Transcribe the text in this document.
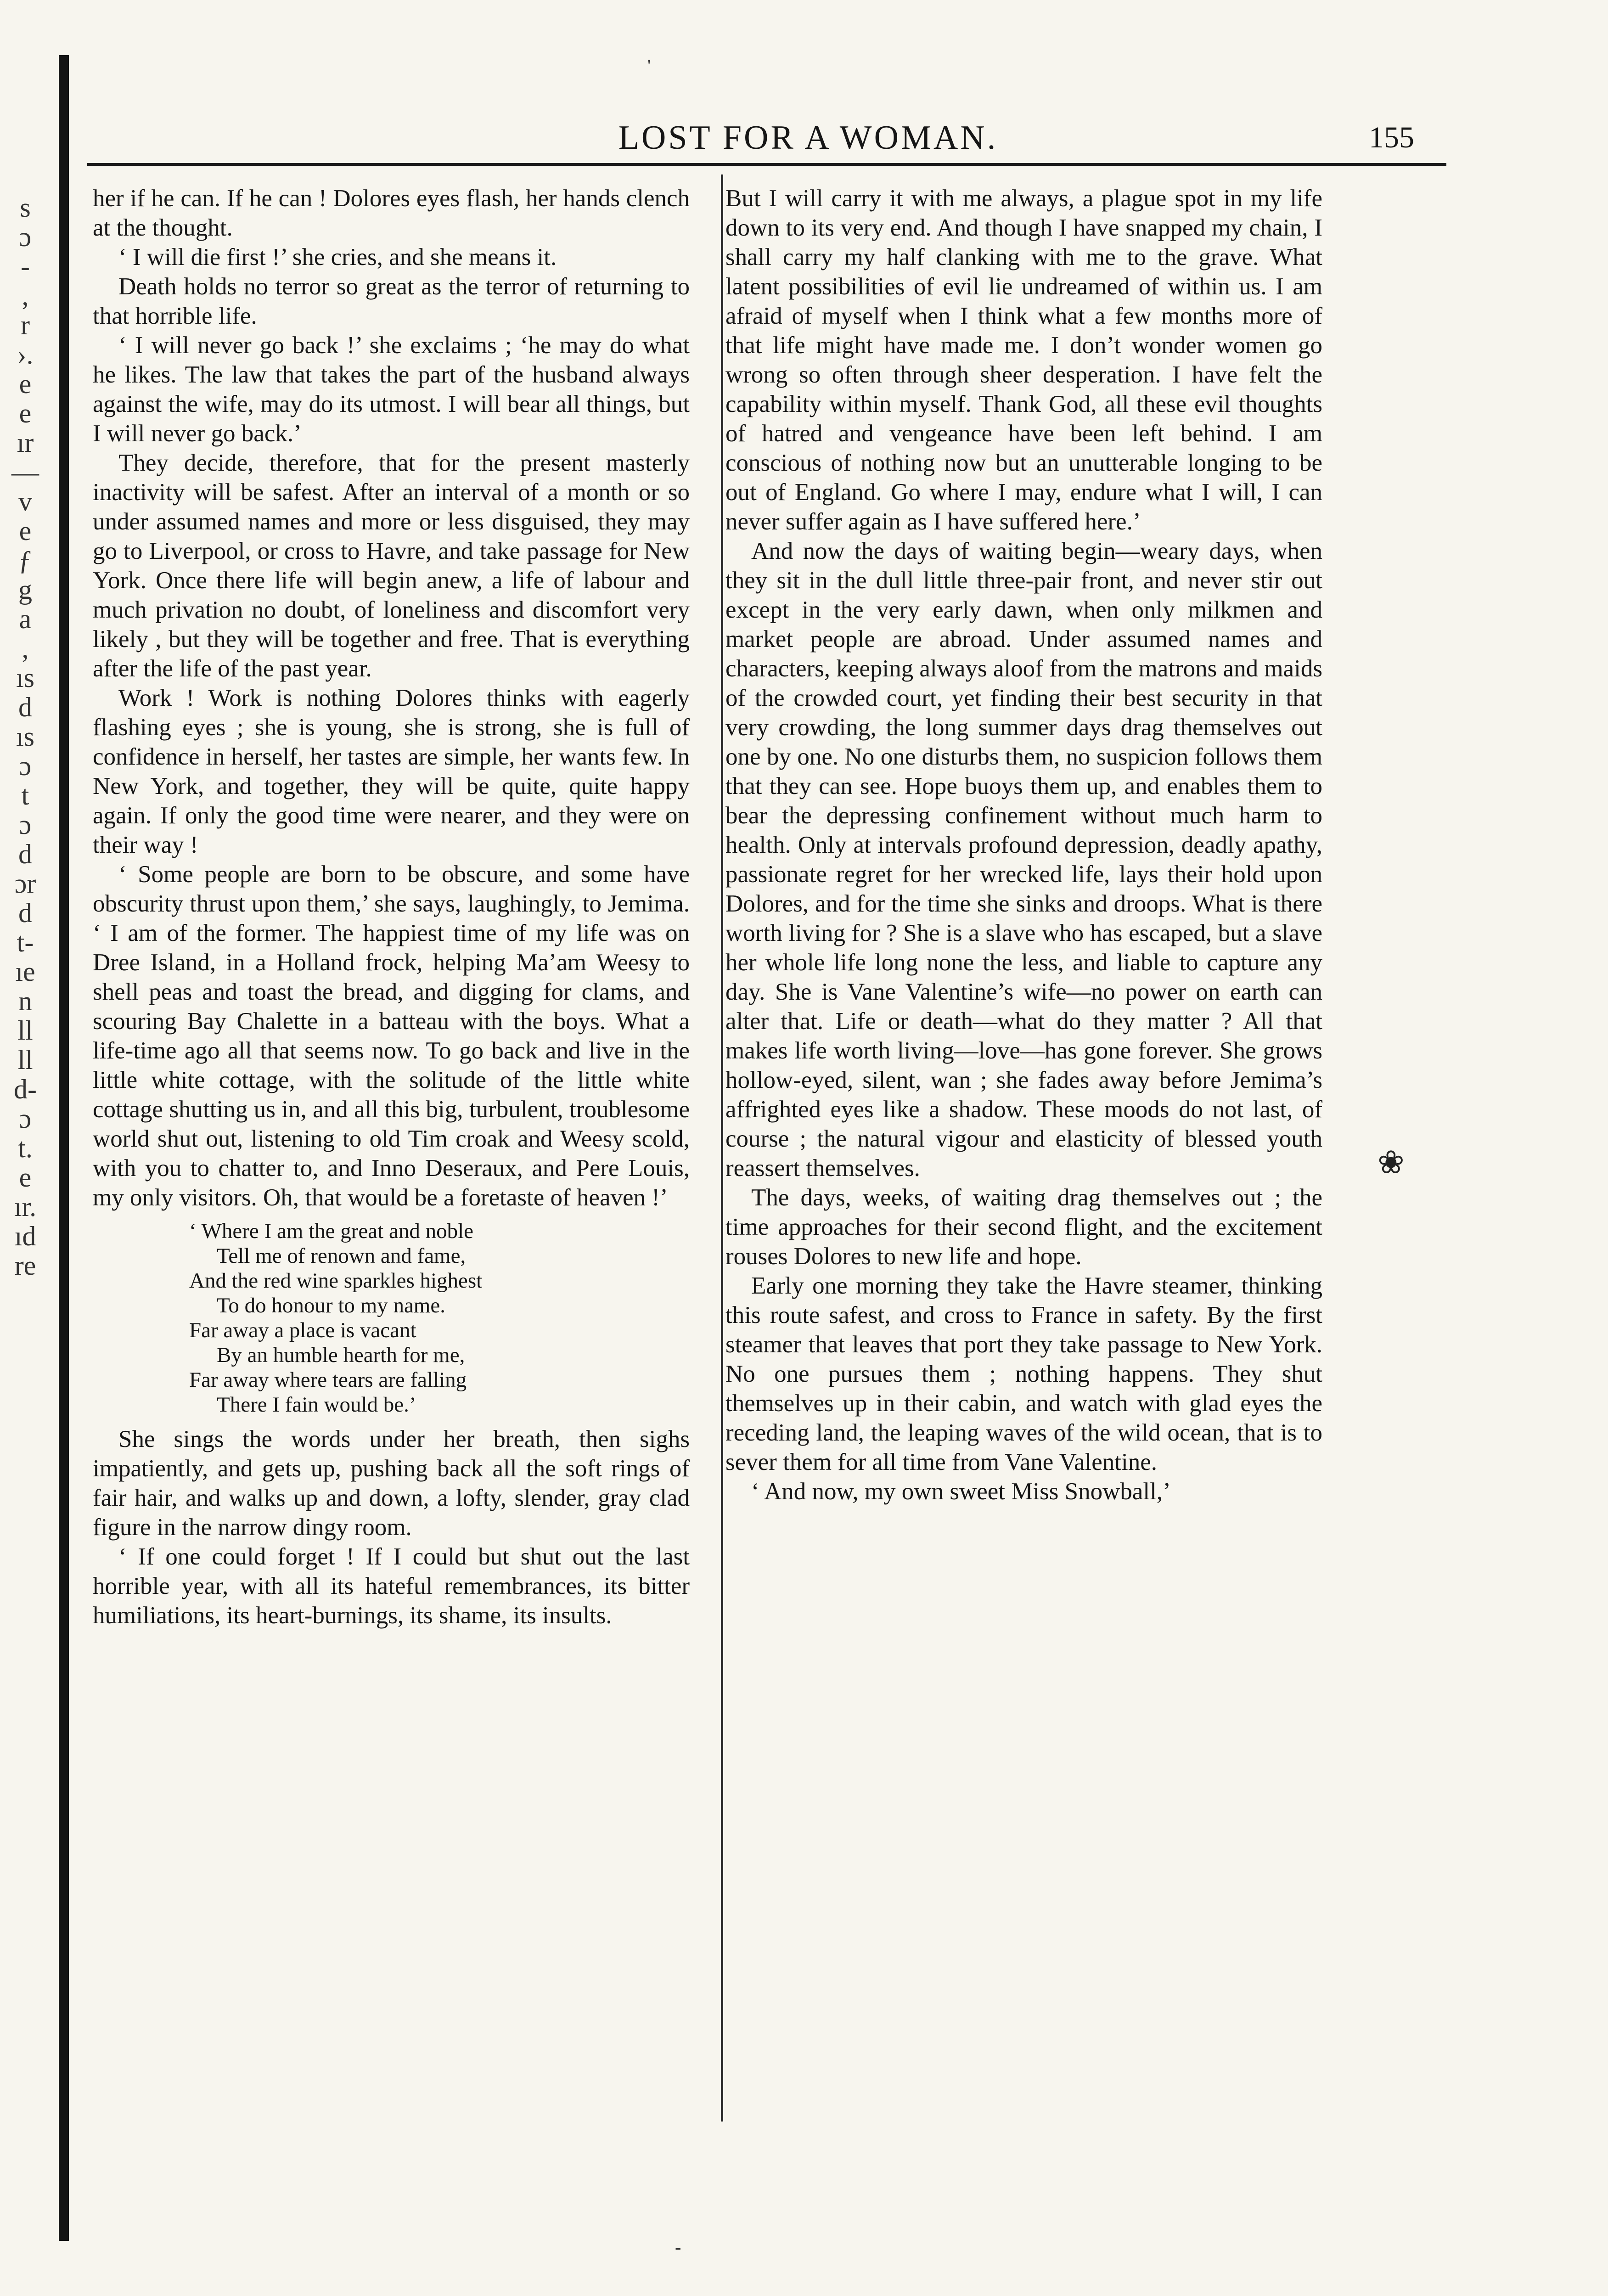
s
ɔ
-
,
r
›.
e
e
ır
—
v
e
ƒ
g
a
,
ıs
d
ıs
ɔ
t
ɔ
d
ɔr
d
t-
ıe
n
ll
ll
d-
ɔ
t.
e
ır.
ıd
re
LOST FOR A WOMAN.	155

her if he can. If he can ! Dolores eyes flash, her hands clench at the thought.

‘ I will die first !’ she cries, and she means it.

Death holds no terror so great as the terror of returning to that horrible life.

‘ I will never go back !’ she exclaims ; ‘he may do what he likes. The law that takes the part of the husband always against the wife, may do its utmost. I will bear all things, but I will never go back.’

They decide, therefore, that for the present masterly inactivity will be safest. After an interval of a month or so under assumed names and more or less disguised, they may go to Liverpool, or cross to Havre, and take passage for New York. Once there life will begin anew, a life of labour and much privation no doubt, of loneliness and discomfort very likely , but they will be together and free. That is everything after the life of the past year.

Work ! Work is nothing Dolores thinks with eagerly flashing eyes ; she is young, she is strong, she is full of confidence in herself, her tastes are simple, her wants few. In New York, and together, they will be quite, quite happy again. If only the good time were nearer, and they were on their way !

‘ Some people are born to be obscure, and some have obscurity thrust upon them,’ she says, laughingly, to Jemima. ‘ I am of the former. The happiest time of my life was on Dree Island, in a Holland frock, helping Ma’am Weesy to shell peas and toast the bread, and digging for clams, and scouring Bay Chalette in a batteau with the boys. What a life-time ago all that seems now. To go back and live in the little white cottage, with the solitude of the little white cottage shutting us in, and all this big, turbulent, troublesome world shut out, listening to old Tim croak and Weesy scold, with you to chatter to, and Inno Deseraux, and Pere Louis, my only visitors. Oh, that would be a foretaste of heaven !’

‘ Where I am the great and noble
Tell me of renown and fame,
And the red wine sparkles highest
To do honour to my name.
Far away a place is vacant
By an humble hearth for me,
Far away where tears are falling
There I fain would be.’

She sings the words under her breath, then sighs impatiently, and gets up, pushing back all the soft rings of fair hair, and walks up and down, a lofty, slender, gray clad figure in the narrow dingy room.

‘ If one could forget ! If I could but shut out the last horrible year, with all its hateful remembrances, its bitter humiliations, its heart-burnings, its shame, its insults.

But I will carry it with me always, a plague spot in my life down to its very end. And though I have snapped my chain, I shall carry my half clanking with me to the grave. What latent possibilities of evil lie undreamed of within us. I am afraid of myself when I think what a few months more of that life might have made me. I don’t wonder women go wrong so often through sheer desperation. I have felt the capability within myself. Thank God, all these evil thoughts of hatred and vengeance have been left behind. I am conscious of nothing now but an unutterable longing to be out of England. Go where I may, endure what I will, I can never suffer again as I have suffered here.’

And now the days of waiting begin—weary days, when they sit in the dull little three-pair front, and never stir out except in the very early dawn, when only milkmen and market people are abroad. Under assumed names and characters, keeping always aloof from the matrons and maids of the crowded court, yet finding their best security in that very crowding, the long summer days drag themselves out one by one. No one disturbs them, no suspicion follows them that they can see. Hope buoys them up, and enables them to bear the depressing confinement without much harm to health. Only at intervals profound depression, deadly apathy, passionate regret for her wrecked life, lays their hold upon Dolores, and for the time she sinks and droops. What is there worth living for ? She is a slave who has escaped, but a slave her whole life long none the less, and liable to capture any day. She is Vane Valentine’s wife—no power on earth can alter that. Life or death—what do they matter ? All that makes life worth living—love—has gone forever. She grows hollow-eyed, silent, wan ; she fades away before Jemima’s affrighted eyes like a shadow. These moods do not last, of course ; the natural vigour and elasticity of blessed youth reassert themselves.

The days, weeks, of waiting drag themselves out ; the time approaches for their second flight, and the excitement rouses Dolores to new life and hope.

Early one morning they take the Havre steamer, thinking this route safest, and cross to France in safety. By the first steamer that leaves that port they take passage to New York. No one pursues them ; nothing happens. They shut themselves up in their cabin, and watch with glad eyes the receding land, the leaping waves of the wild ocean, that is to sever them for all time from Vane Valentine.

‘ And now, my own sweet Miss Snowball,’

❀
'
-
